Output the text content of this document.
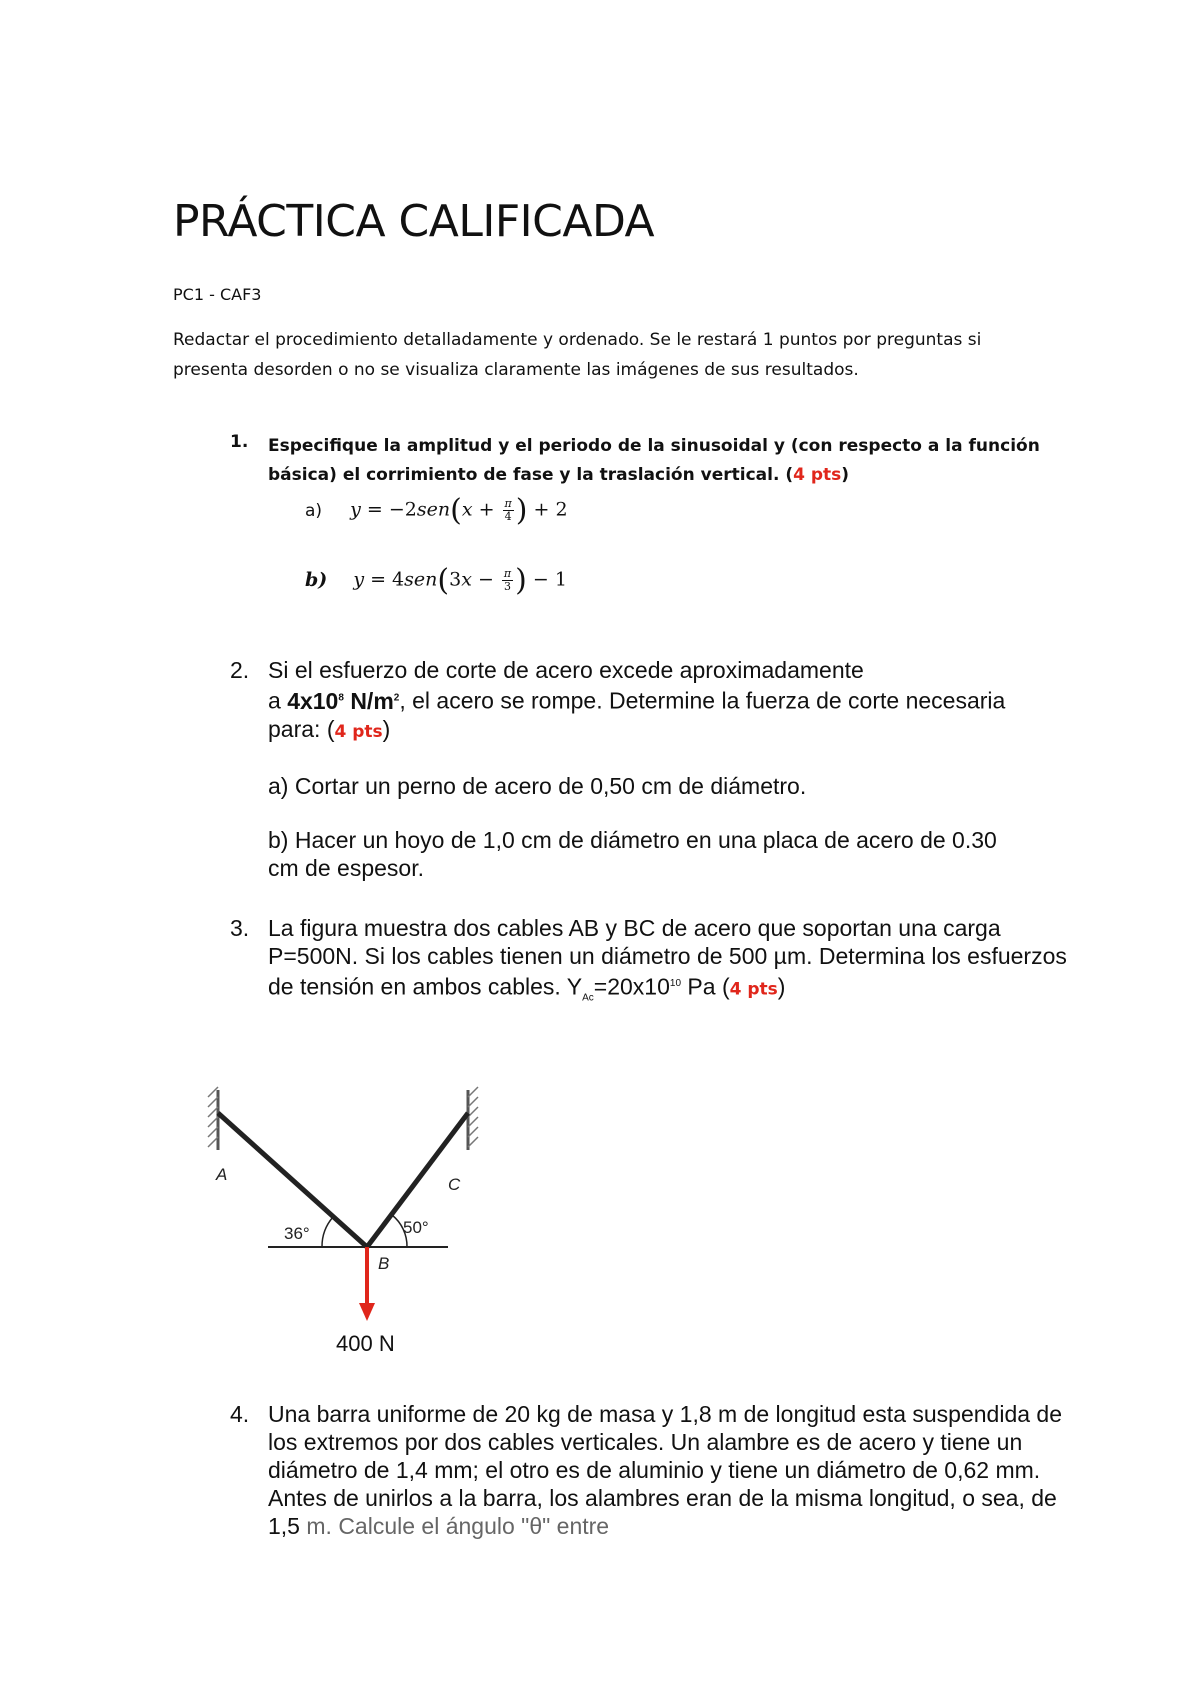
PRÁCTICA CALIFICADA
PC1 - CAF3
Redactar el procedimiento detalladamente y ordenado. Se le restará 1 puntos por preguntas si presenta desorden o no se visualiza claramente las imágenes de sus resultados.
1. Especifique la amplitud y el periodo de la sinusoidal y (con respecto a la función básica) el corrimiento de fase y la traslación vertical. (4 pts)
a) $y = -2sen(x + \frac{\pi}{4}$ ) + 2
b) $y = 4sen(3x - \frac{\pi}{3}$ ) − 1
2. Si el esfuerzo de corte de acero excede aproximadamente
a $4x10^8$ $N/m^2$, el acero se rompe. Determine la fuerza de corte necesaria para: (4 pts)

a) Cortar un perno de acero de 0,50 cm de diámetro.

b) Hacer un hoyo de 1,0 cm de diámetro en una placa de acero de 0.30 cm de espesor.

3. La figura muestra dos cables AB y BC de acero que soportan una carga P=500N. Si los cables tienen un diámetro de 500 µm. Determina los esfuerzos de tensión en ambos cables. $Y_{Ac}=20x10^{10}$ Pa (4 pts)
A
C
B
36°	50°
400 N
4. Una barra uniforme de 20 kg de masa y 1,8 m de longitud esta suspendida de los extremos por dos cables verticales. Un alambre es de acero y tiene un diámetro de 1,4 mm; el otro es de aluminio y tiene un diámetro de 0,62 mm. Antes de unirlos a la barra, los alambres eran de la misma longitud, o sea, de 1,5 m. Calcule el ángulo "θ" entre
